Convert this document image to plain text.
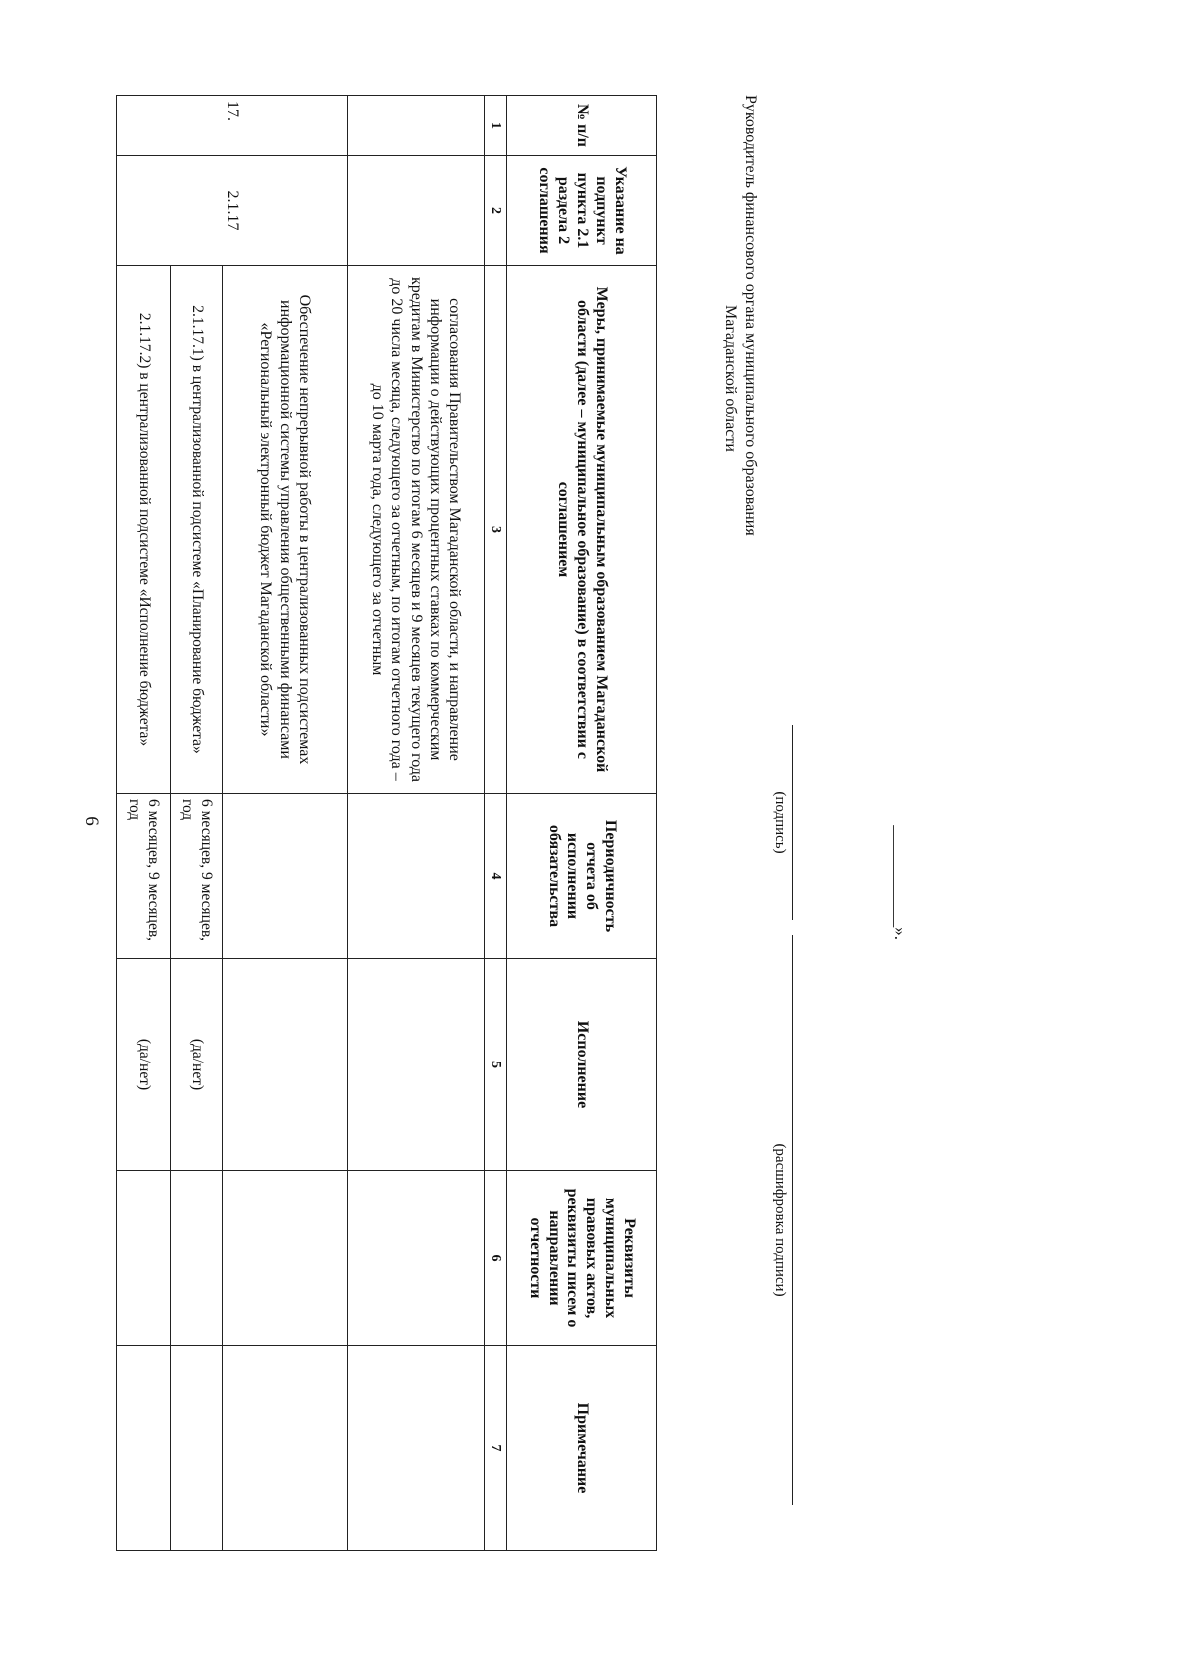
6
№ п/п	Указание на подпункт пункта 2.1 раздела 2 соглашения	Меры, принимаемые муниципальным образованием Магаданской области (далее – муниципальное образование) в соответствии с соглашением	Периодичность отчета об исполнении обязательства	Исполнение	Реквизиты муниципальных правовых актов, реквизиты писем о направлении отчетности	Примечание
1	2	3	4	5	6	7
		согласования Правительством Магаданской области, и направление информации о действующих процентных ставках по коммерческим кредитам в Министерство по итогам 6 месяцев и 9 месяцев текущего года до 20 числа месяца, следующего за отчетным, по итогам отчетного года – до 10 марта года, следующего за отчетным				
17.	2.1.17	Обеспечение непрерывной работы в централизованных подсистемах информационной системы управления общественными финансами «Региональный электронный бюджет Магаданской области»				
		2.1.17.1) в централизованной подсистеме «Планирование бюджета»	6 месяцев, 9 месяцев, год	(да/нет)		
		2.1.17.2) в централизованной подсистеме «Исполнение бюджета»	6 месяцев, 9 месяцев, год	(да/нет)		
Руководитель финансового органа муниципального образования
Магаданской области
(подпись)
(расшифровка подписи)
____________».
